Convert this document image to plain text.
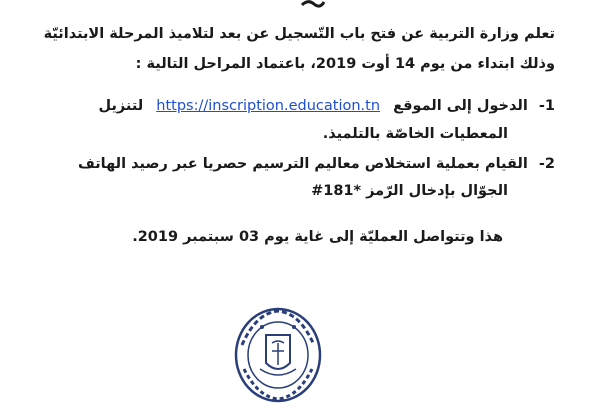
تعلم وزارة التربية عن فتح باب التّسجيل عن بعد لتلاميذ المرحلة الابتدائيّة
وذلك ابتداء من يوم 14 أوت 2019، باعتماد المراحل التالية :
1- الدخول إلى الموقع https://inscription.education.tn لتنزيل
المعطيات الخاصّة بالتلميذ.
2- القيام بعملية استخلاص معاليم الترسيم حصريا عبر رصيد الهاتف
الجوّال بإدخال الرّمز *181#
هذا وتتواصل العمليّة إلى غاية يوم 03 سبتمبر 2019.
